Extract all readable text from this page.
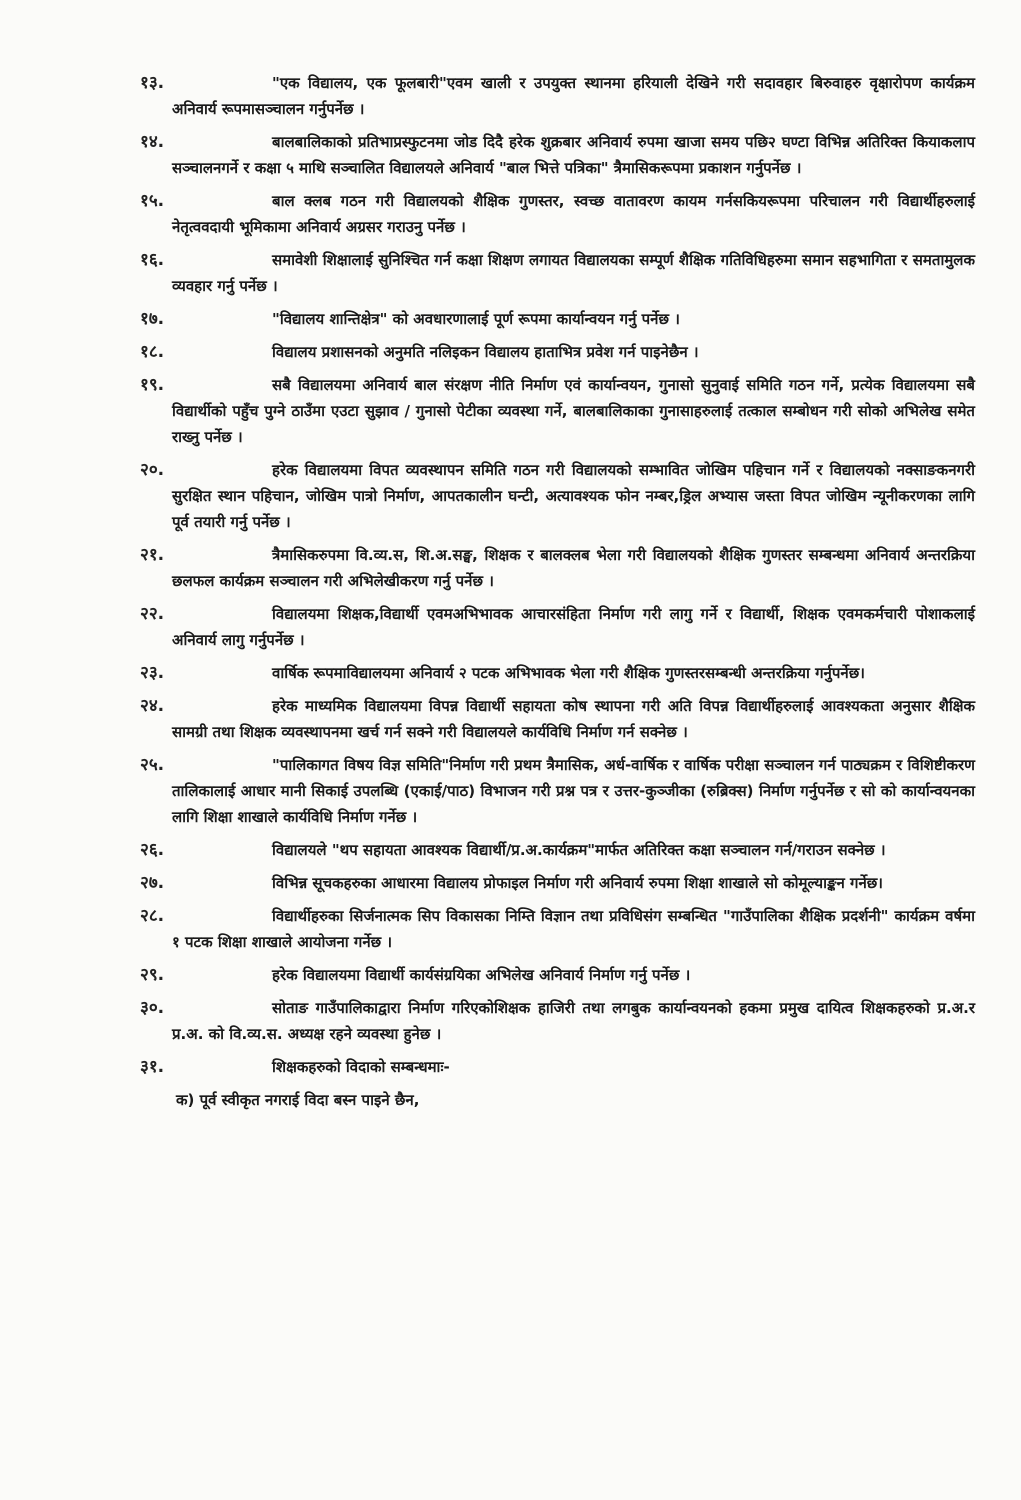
१३.	"एक विद्यालय, एक फूलबारी"एवम खाली र उपयुक्त स्थानमा हरियाली देखिने गरी सदावहार बिरुवाहरु वृक्षारोपण कार्यक्रम अनिवार्य रूपमासञ्चालन गर्नुपर्नेछ ।
१४.	बालबालिकाको प्रतिभाप्रस्फुटनमा जोड दिदै हरेक शुक्रबार अनिवार्य रुपमा खाजा समय पछि२ घण्टा विभिन्न अतिरिक्त कियाकलाप सञ्चालनगर्ने र कक्षा ५ माथि सञ्चालित विद्यालयले अनिवार्य "बाल भित्ते पत्रिका" त्रैमासिकरूपमा प्रकाशन गर्नुपर्नेछ ।
१५.	बाल क्लब गठन गरी विद्यालयको शैक्षिक गुणस्तर, स्वच्छ वातावरण कायम गर्नसकियरूपमा परिचालन गरी विद्यार्थीहरुलाई नेतृत्ववदायी भूमिकामा अनिवार्य अग्रसर गराउनु पर्नेछ ।
१६.	समावेशी शिक्षालाई सुनिश्चित गर्न कक्षा शिक्षण लगायत विद्यालयका सम्पूर्ण शैक्षिक गतिविधिहरुमा समान सहभागिता र समतामुलक व्यवहार गर्नु पर्नेछ ।
१७.	"विद्यालय शान्तिक्षेत्र" को अवधारणालाई पूर्ण रूपमा कार्यान्वयन गर्नु पर्नेछ ।
१८.	विद्यालय प्रशासनको अनुमति नलिइकन विद्यालय हाताभित्र प्रवेश गर्न पाइनेछैन ।
१९.	सबै विद्यालयमा अनिवार्य बाल संरक्षण नीति निर्माण एवं कार्यान्वयन, गुनासो सुनुवाई समिति गठन गर्ने, प्रत्येक विद्यालयमा सबै विद्यार्थीको पहुँच पुग्ने ठाउँमा एउटा सुझाव / गुनासो पेटीका व्यवस्था गर्ने, बालबालिकाका गुनासाहरुलाई तत्काल सम्बोधन गरी सोको अभिलेख समेत राख्नु पर्नेछ ।
२०.	हरेक विद्यालयमा विपत व्यवस्थापन समिति गठन गरी विद्यालयको सम्भावित जोखिम पहिचान गर्ने र विद्यालयको नक्साङकनगरी सुरक्षित स्थान पहिचान, जोखिम पात्रो निर्माण, आपतकालीन घन्टी, अत्यावश्यक फोन नम्बर,ड्रिल अभ्यास जस्ता विपत जोखिम न्यूनीकरणका लागि पूर्व तयारी गर्नु पर्नेछ ।
२१.	त्रैमासिकरुपमा वि.व्य.स, शि.अ.सङ्घ, शिक्षक र बालक्लब भेला गरी विद्यालयको शैक्षिक गुणस्तर सम्बन्धमा अनिवार्य अन्तरक्रिया छलफल कार्यक्रम सञ्चालन गरी अभिलेखीकरण गर्नु पर्नेछ ।
२२.	विद्यालयमा शिक्षक,विद्यार्थी एवमअभिभावक आचारसंहिता निर्माण गरी लागु गर्ने र विद्यार्थी, शिक्षक एवमकर्मचारी पोशाकलाई अनिवार्य लागु गर्नुपर्नेछ ।
२३.	वार्षिक रूपमाविद्यालयमा अनिवार्य २ पटक अभिभावक भेला गरी शैक्षिक गुणस्तरसम्बन्धी अन्तरक्रिया गर्नुपर्नेछ।
२४.	हरेक माध्यमिक विद्यालयमा विपन्न विद्यार्थी सहायता कोष स्थापना गरी अति विपन्न विद्यार्थीहरुलाई आवश्यकता अनुसार शैक्षिक सामग्री तथा शिक्षक व्यवस्थापनमा खर्च गर्न सक्ने गरी विद्यालयले कार्यविधि निर्माण गर्न सक्नेछ ।
२५.	"पालिकागत विषय विज्ञ समिति"निर्माण गरी प्रथम त्रैमासिक, अर्ध-वार्षिक र वार्षिक परीक्षा सञ्चालन गर्न पाठ्यक्रम र विशिष्टीकरण तालिकालाई आधार मानी सिकाई उपलब्धि (एकाई/पाठ) विभाजन गरी प्रश्न पत्र र उत्तर-कुञ्जीका (रुब्रिक्स) निर्माण गर्नुपर्नेछ र सो को कार्यान्वयनका लागि शिक्षा शाखाले कार्यविधि निर्माण गर्नेछ ।
२६.	विद्यालयले "थप सहायता आवश्यक विद्यार्थी/प्र.अ.कार्यक्रम"मार्फत अतिरिक्त कक्षा सञ्चालन गर्न/गराउन सक्नेछ ।
२७.	विभिन्न सूचकहरुका आधारमा विद्यालय प्रोफाइल निर्माण गरी अनिवार्य रुपमा शिक्षा शाखाले सो कोमूल्याङ्कन गर्नेछ।
२८.	विद्यार्थीहरुका सिर्जनात्मक सिप विकासका निम्ति विज्ञान तथा प्रविधिसंग सम्बन्धित "गाउँपालिका शैक्षिक प्रदर्शनी" कार्यक्रम वर्षमा १ पटक शिक्षा शाखाले आयोजना गर्नेछ ।
२९.	हरेक विद्यालयमा विद्यार्थी कार्यसंग्रयिका अभिलेख अनिवार्य निर्माण गर्नु पर्नेछ ।
३०.	सोताङ गाउँपालिकाद्वारा निर्माण गरिएकोशिक्षक हाजिरी तथा लगबुक कार्यान्वयनको हकमा प्रमुख दायित्व शिक्षकहरुको प्र.अ.र प्र.अ. को वि.व्य.स. अध्यक्ष रहने व्यवस्था हुनेछ ।
३१.	शिक्षकहरुको विदाको सम्बन्धमाः-
क) पूर्व स्वीकृत नगराई विदा बस्न पाइने छैन,
